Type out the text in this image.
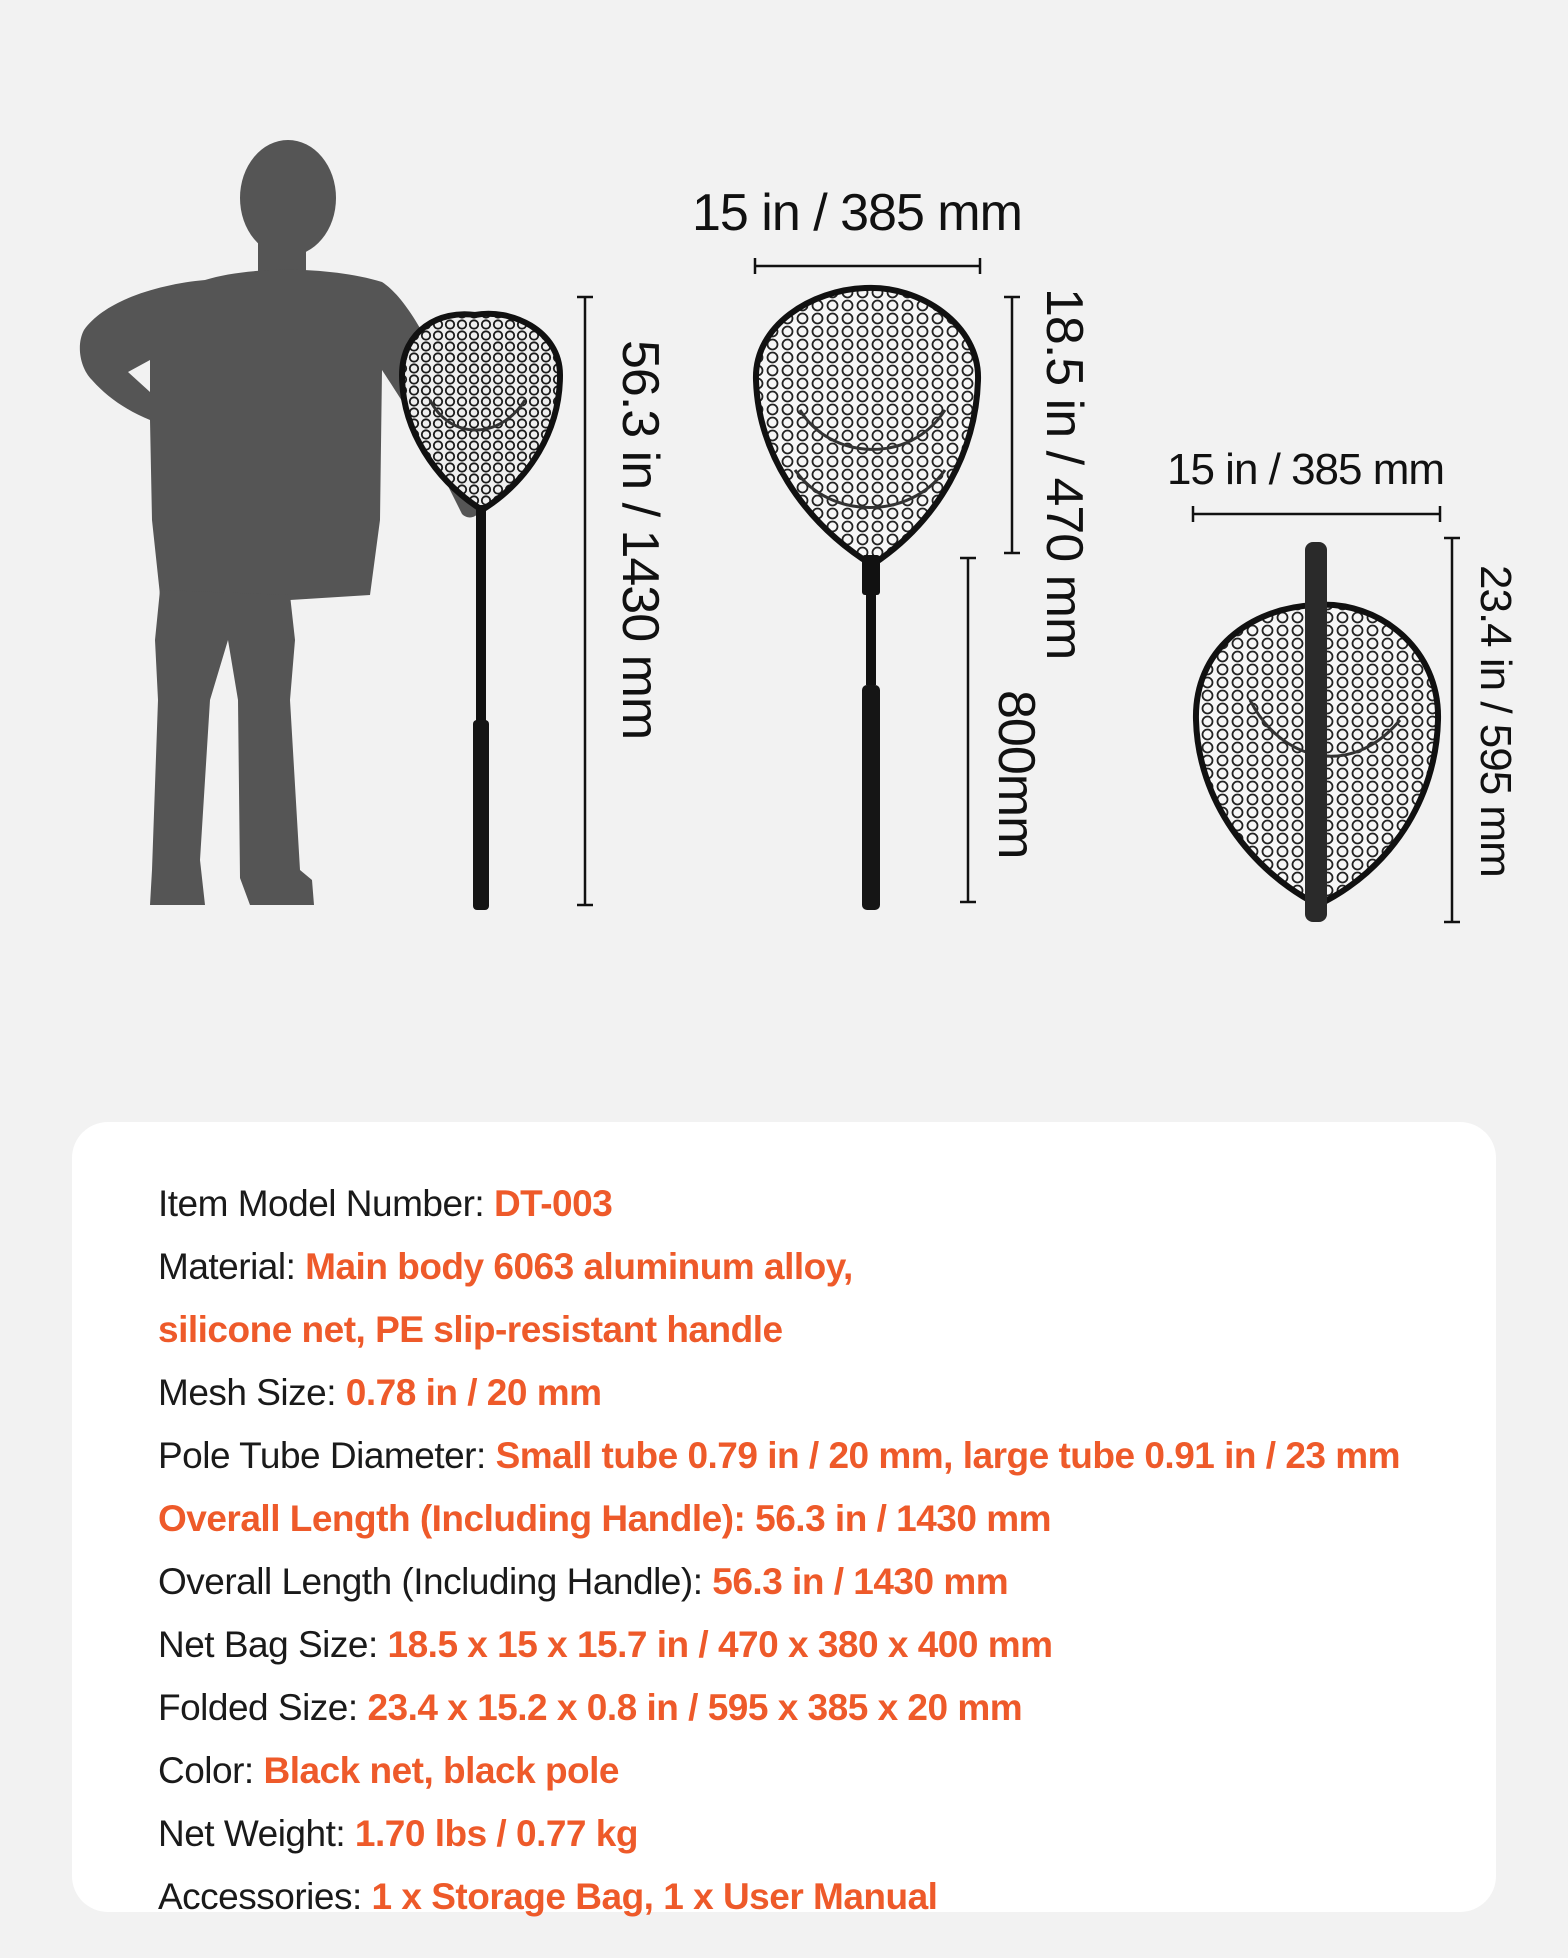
56.3 in / 1430 mm
15 in / 385 mm
18.5 in / 470 mm
800mm
15 in / 385 mm
23.4 in / 595 mm
Item Model Number: DT-003
Material: Main body 6063 aluminum alloy,
silicone net, PE slip-resistant handle
Mesh Size: 0.78 in / 20 mm
Pole Tube Diameter: Small tube 0.79 in / 20 mm, large tube 0.91 in / 23 mm
Overall Length (Including Handle): 56.3 in / 1430 mm
Overall Length (Including Handle): 56.3 in / 1430 mm
Net Bag Size: 18.5 x 15 x 15.7 in / 470 x 380 x 400 mm
Folded Size: 23.4 x 15.2 x 0.8 in / 595 x 385 x 20 mm
Color: Black net, black pole
Net Weight: 1.70 lbs / 0.77 kg
Accessories: 1 x Storage Bag, 1 x User Manual
